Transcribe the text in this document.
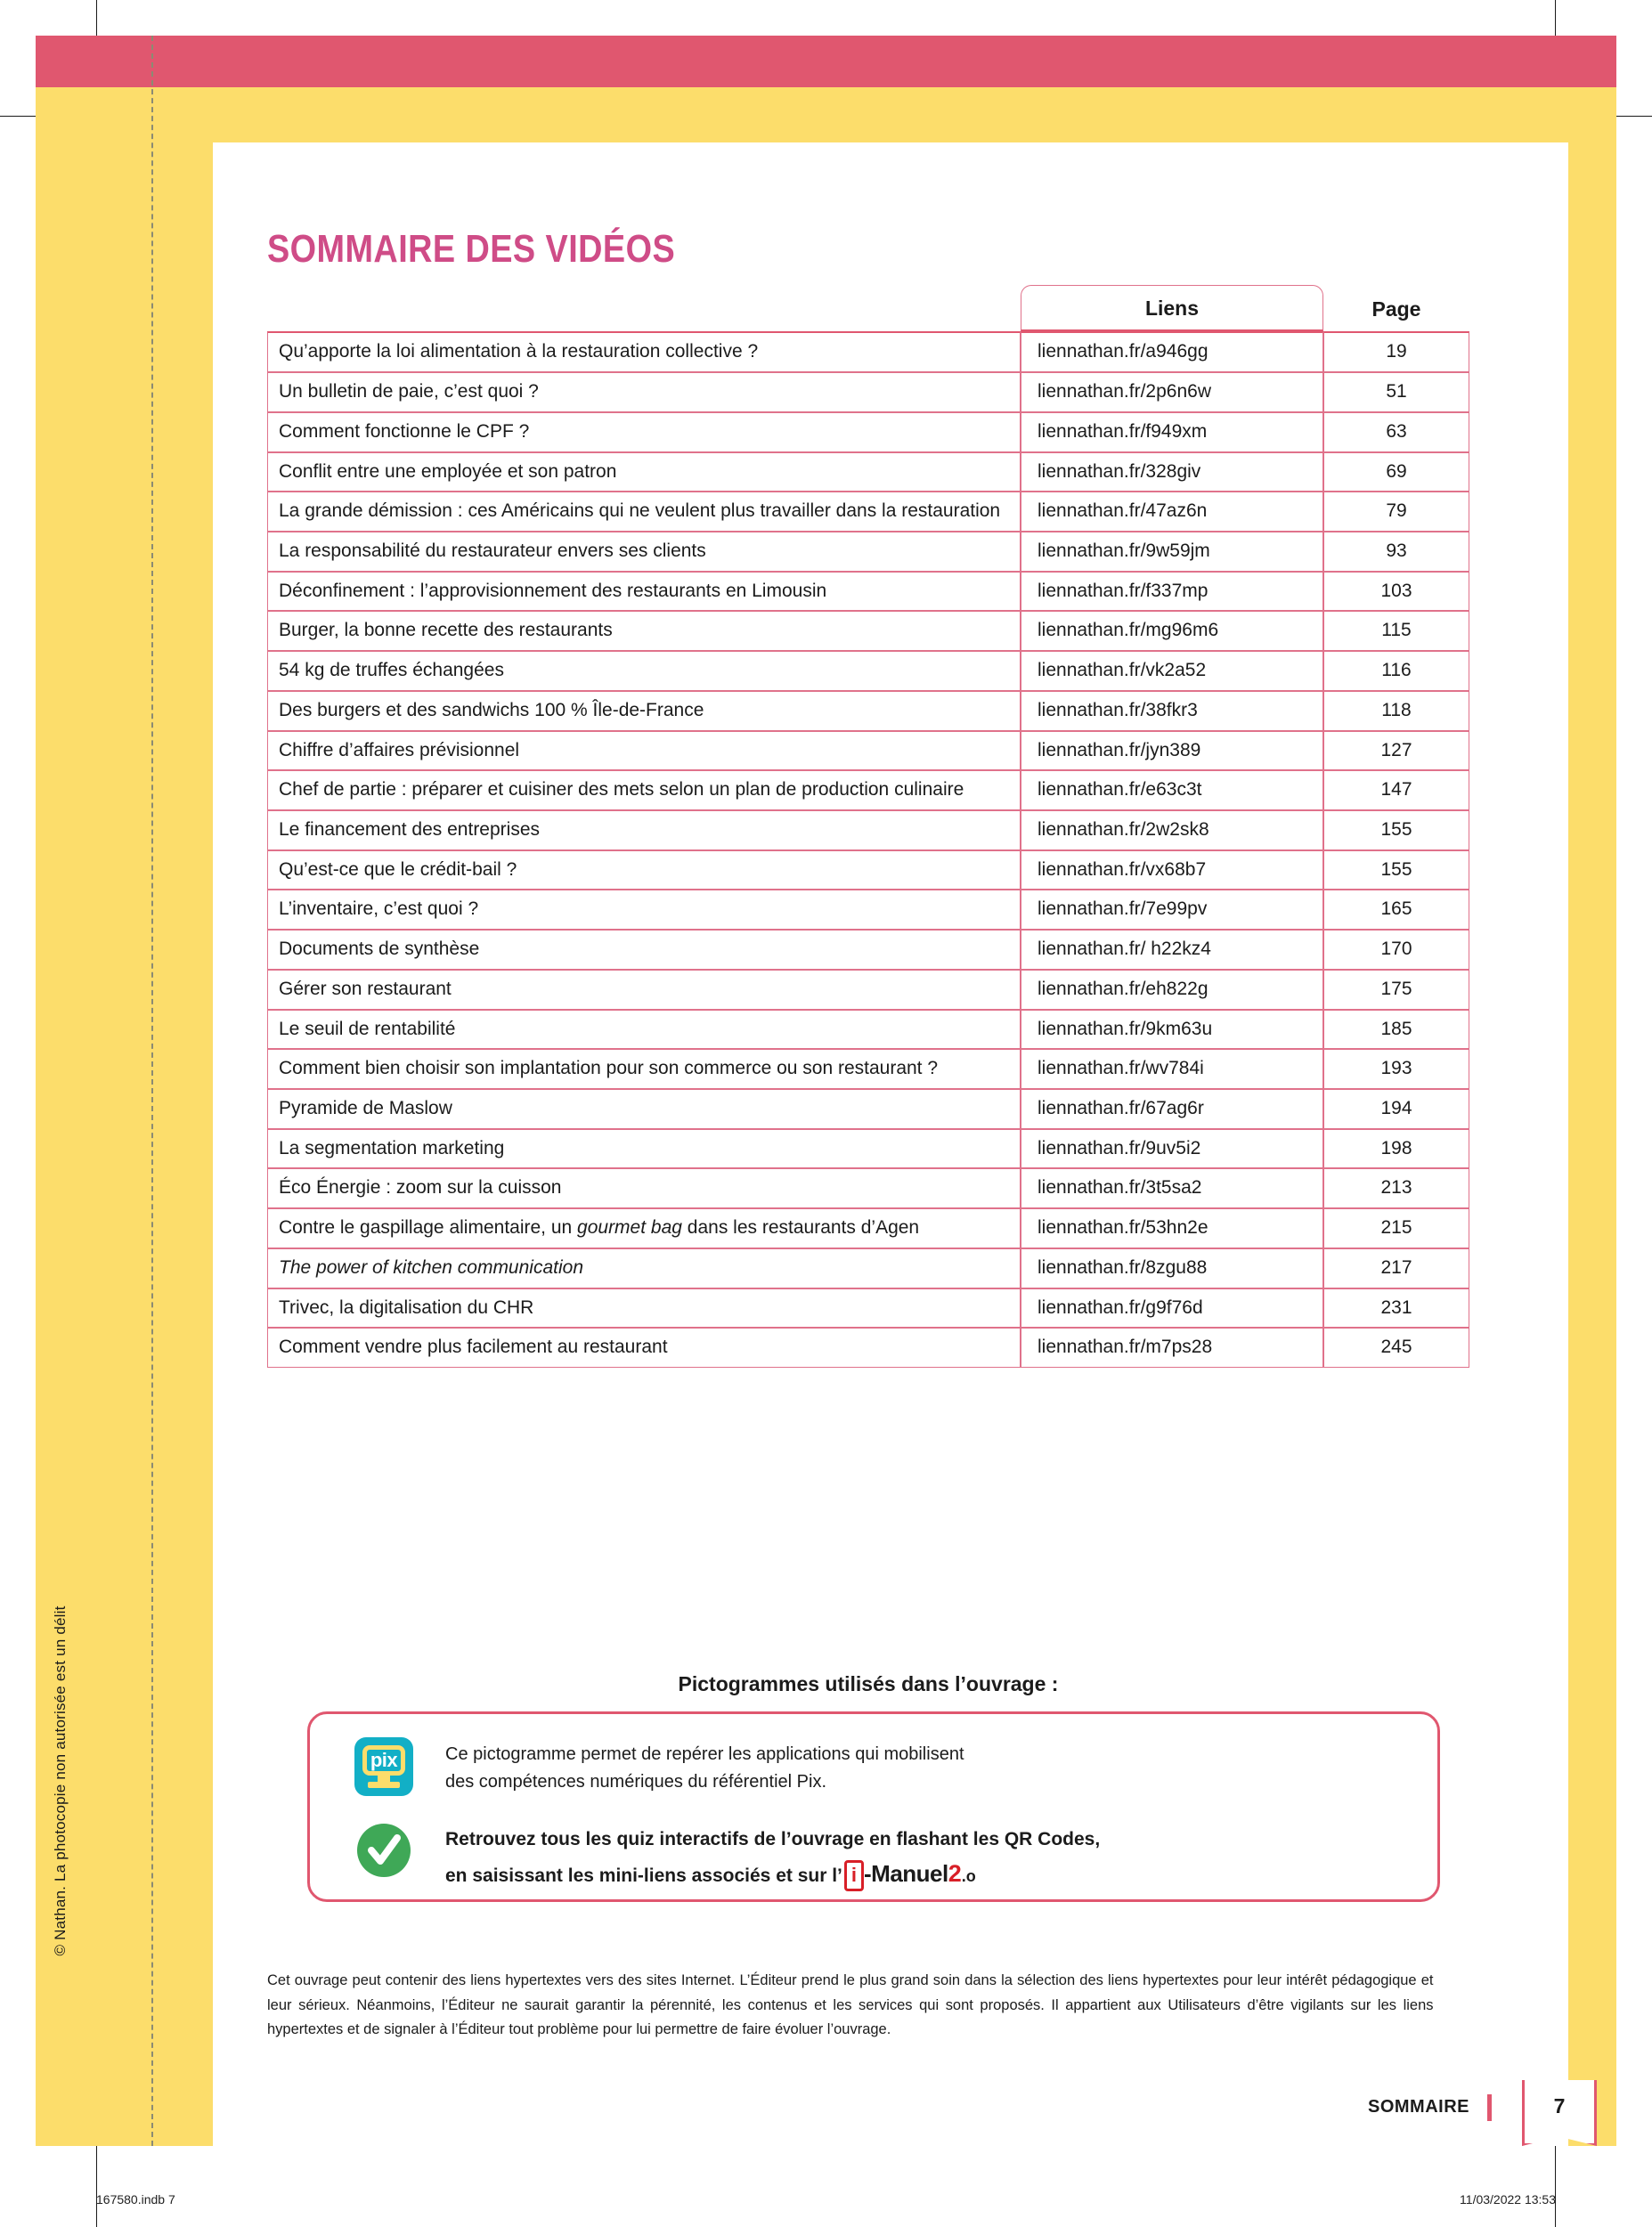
© Nathan. La photocopie non autorisée est un délit
SOMMAIRE DES VIDÉOS
	Liens	Page
Qu’apporte la loi alimentation à la restauration collective ?	liennathan.fr/a946gg	19
Un bulletin de paie, c’est quoi ?	liennathan.fr/2p6n6w	51
Comment fonctionne le CPF ?	liennathan.fr/f949xm	63
Conflit entre une employée et son patron	liennathan.fr/328giv	69
La grande démission : ces Américains qui ne veulent plus travailler dans la restauration	liennathan.fr/47az6n	79
La responsabilité du restaurateur envers ses clients	liennathan.fr/9w59jm	93
Déconfinement : l’approvisionnement des restaurants en Limousin	liennathan.fr/f337mp	103
Burger, la bonne recette des restaurants	liennathan.fr/mg96m6	115
54 kg de truffes échangées	liennathan.fr/vk2a52	116
Des burgers et des sandwichs 100 % Île-de-France	liennathan.fr/38fkr3	118
Chiffre d’affaires prévisionnel	liennathan.fr/jyn389	127
Chef de partie : préparer et cuisiner des mets selon un plan de production culinaire	liennathan.fr/e63c3t	147
Le financement des entreprises	liennathan.fr/2w2sk8	155
Qu’est-ce que le crédit-bail ?	liennathan.fr/vx68b7	155
L’inventaire, c’est quoi ?	liennathan.fr/7e99pv	165
Documents de synthèse	liennathan.fr/ h22kz4	170
Gérer son restaurant	liennathan.fr/eh822g	175
Le seuil de rentabilité	liennathan.fr/9km63u	185
Comment bien choisir son implantation pour son commerce ou son restaurant ?	liennathan.fr/wv784i	193
Pyramide de Maslow	liennathan.fr/67ag6r	194
La segmentation marketing	liennathan.fr/9uv5i2	198
Éco Énergie : zoom sur la cuisson	liennathan.fr/3t5sa2	213
Contre le gaspillage alimentaire, un gourmet bag dans les restaurants d’Agen	liennathan.fr/53hn2e	215
The power of kitchen communication	liennathan.fr/8zgu88	217
Trivec, la digitalisation du CHR	liennathan.fr/g9f76d	231
Comment vendre plus facilement au restaurant	liennathan.fr/m7ps28	245
Pictogrammes utilisés dans l’ouvrage :
pix	Ce pictogramme permet de repérer les applications qui mobilisent
des compétences numériques du référentiel Pix.
Retrouvez tous les quiz interactifs de l’ouvrage en flashant les QR Codes,
en saisissant les mini-liens associés et sur l’ i -Manuel 2 .o
Cet ouvrage peut contenir des liens hypertextes vers des sites Internet. L’Éditeur prend le plus grand soin dans la sélection des liens hypertextes pour leur intérêt pédagogique et leur sérieux. Néanmoins, l’Éditeur ne saurait garantir la pérennité, les contenus et les services qui sont proposés. Il appartient aux Utilisateurs d’être vigilants sur les liens hypertextes et de signaler à l’Éditeur tout problème pour lui permettre de faire évoluer l’ouvrage.
SOMMAIRE	7
167580.indb 7	11/03/2022 13:53
